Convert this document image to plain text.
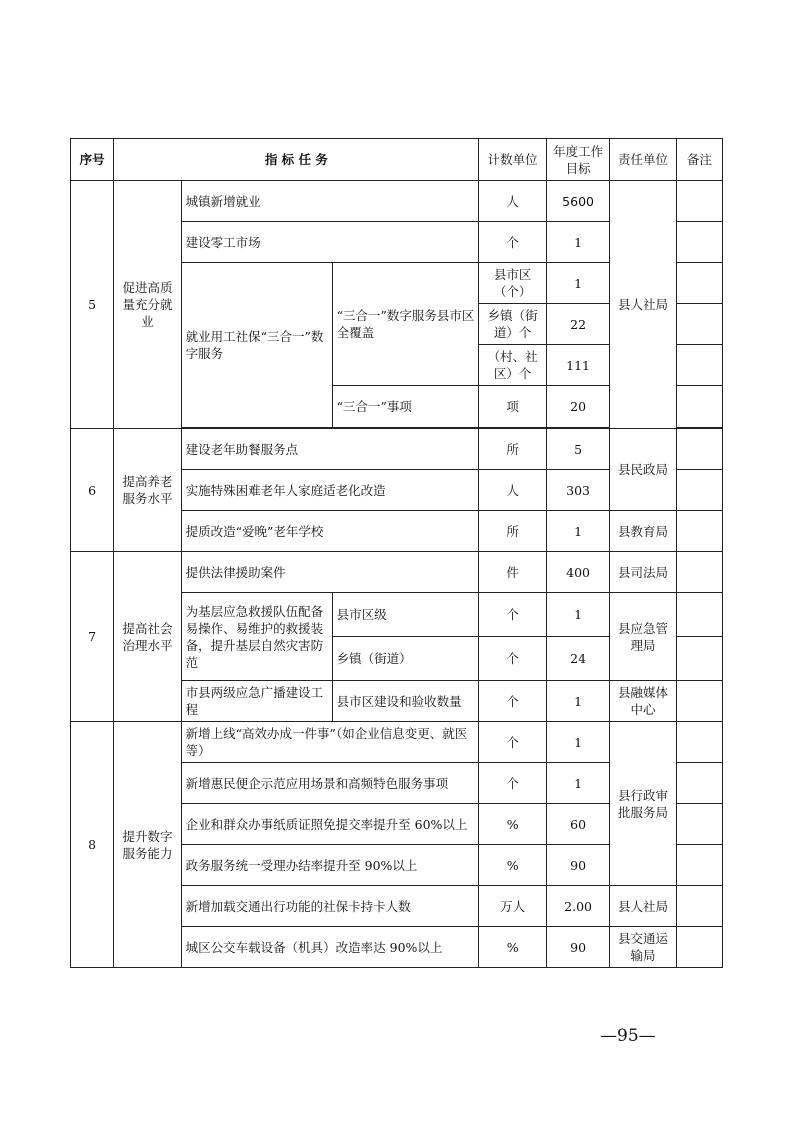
序号	指 标 任 务			计数单位	年度工作目标	责任单位	备注
5	促进高质量充分就业	城镇新增就业		人	5600	县人社局	
		建设零工市场		个	1		
		就业用工社保“三合一”数字服务	“三合一”数字服务县市区全覆盖	县市区（个）	1		
				乡镇（街道）个	22		
				（村、社区）个	111		
			“三合一”事项	项	20		

6	提高养老服务水平	建设老年助餐服务点		所	5	县民政局	
		实施特殊困难老年人家庭适老化改造		人	303		
		提质改造“爱晚”老年学校		所	1	县教育局	
7	提高社会治理水平	提供法律援助案件		件	400	县司法局	
		为基层应急救援队伍配备易操作、易维护的救援装备，提升基层自然灾害防范	县市区级	个	1	县应急管理局	
			乡镇（街道）	个	24		
		市县两级应急广播建设工程	县市区建设和验收数量	个	1	县融媒体中心	
8	提升数字服务能力	新增上线“高效办成一件事”（如企业信息变更、就医等）		个	1	县行政审批服务局	
		新增惠民便企示范应用场景和高频特色服务事项		个	1		
		企业和群众办事纸质证照免提交率提升至 60%以上		%	60		
		政务服务统一受理办结率提升至 90%以上		%	90		
		新增加载交通出行功能的社保卡持卡人数		万人	2.00	县人社局	
		城区公交车载设备（机具）改造率达 90%以上		%	90	县交通运输局	
—95—
